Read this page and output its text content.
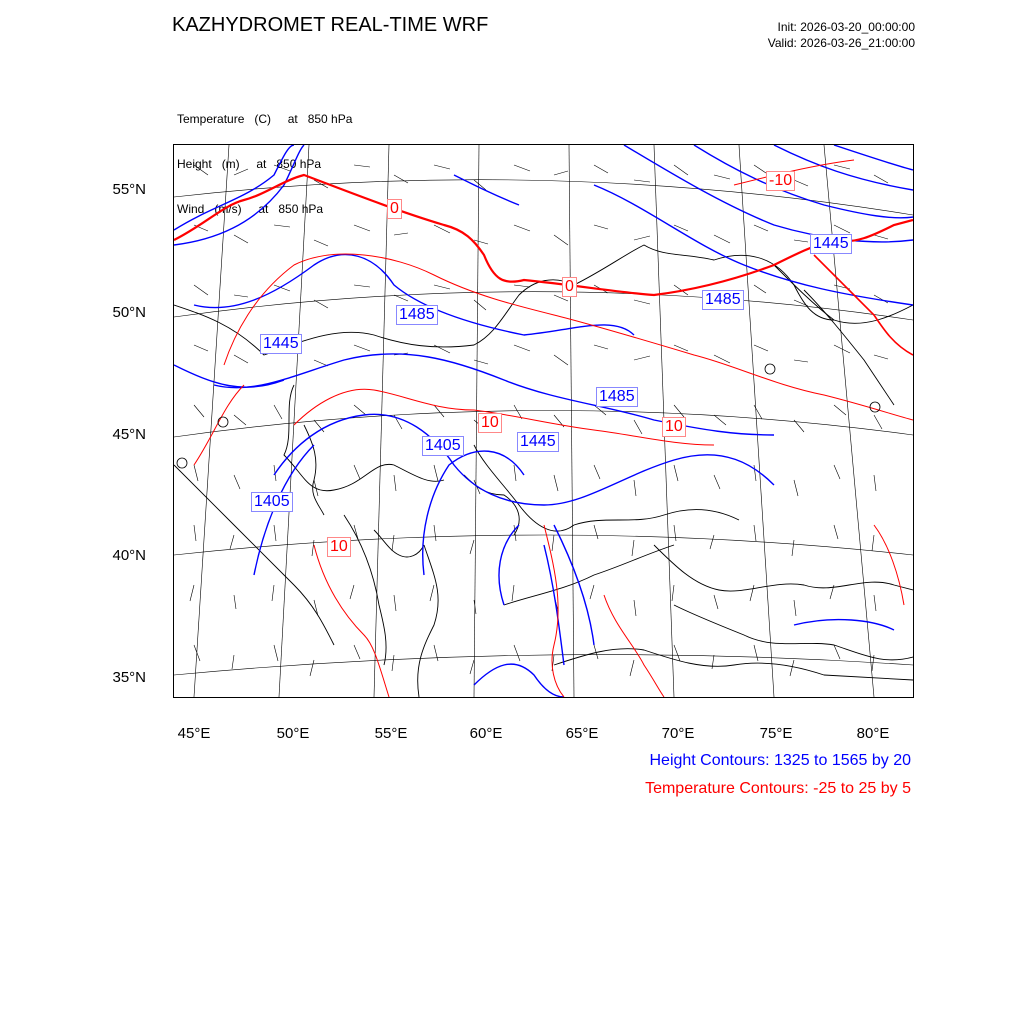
KAZHYDROMET REAL-TIME WRF	Init: 2026-03-20_00:00:00
Valid: 2026-03-26_21:00:00

Temperature   (C)     at   850 hPa

Height   (m)     at   850 hPa

Wind   (m/s)     at   850 hPa

1485
1445
1445
1485
1485
1405	1445
1405
0
0
-10
10	10
10
55°N
50°N
45°N
40°N
35°N
45°E	50°E	55°E	60°E	65°E	70°E	75°E	80°E
Height Contours: 1325 to 1565 by 20
Temperature Contours: -25 to 25 by 5
